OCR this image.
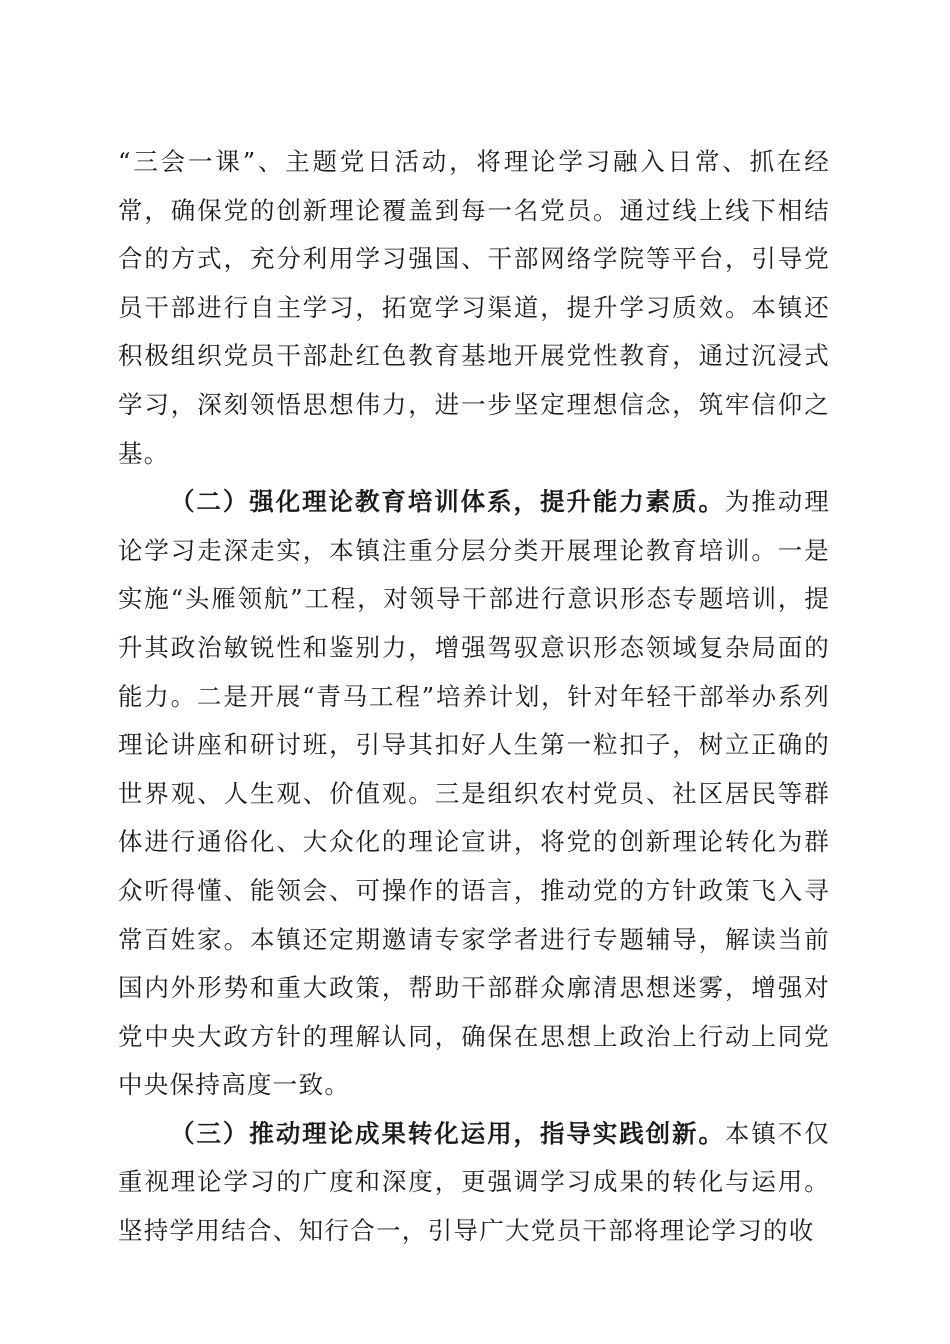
“三会一课”、主题党日活动，将理论学习融入日常、抓在经常，确保党的创新理论覆盖到每一名党员。通过线上线下相结合的方式，充分利用学习强国、干部网络学院等平台，引导党员干部进行自主学习，拓宽学习渠道，提升学习质效。本镇还积极组织党员干部赴红色教育基地开展党性教育，通过沉浸式学习，深刻领悟思想伟力，进一步坚定理想信念，筑牢信仰之基。

（二）强化理论教育培训体系，提升能力素质。为推动理论学习走深走实，本镇注重分层分类开展理论教育培训。一是实施“头雁领航”工程，对领导干部进行意识形态专题培训，提升其政治敏锐性和鉴别力，增强驾驭意识形态领域复杂局面的能力。二是开展“青马工程”培养计划，针对年轻干部举办系列理论讲座和研讨班，引导其扣好人生第一粒扣子，树立正确的世界观、人生观、价值观。三是组织农村党员、社区居民等群体进行通俗化、大众化的理论宣讲，将党的创新理论转化为群众听得懂、能领会、可操作的语言，推动党的方针政策飞入寻常百姓家。本镇还定期邀请专家学者进行专题辅导，解读当前国内外形势和重大政策，帮助干部群众廓清思想迷雾，增强对党中央大政方针的理解认同，确保在思想上政治上行动上同党中央保持高度一致。

（三）推动理论成果转化运用，指导实践创新。本镇不仅重视理论学习的广度和深度，更强调学习成果的转化与运用。坚持学用结合、知行合一，引导广大党员干部将理论学习的收
